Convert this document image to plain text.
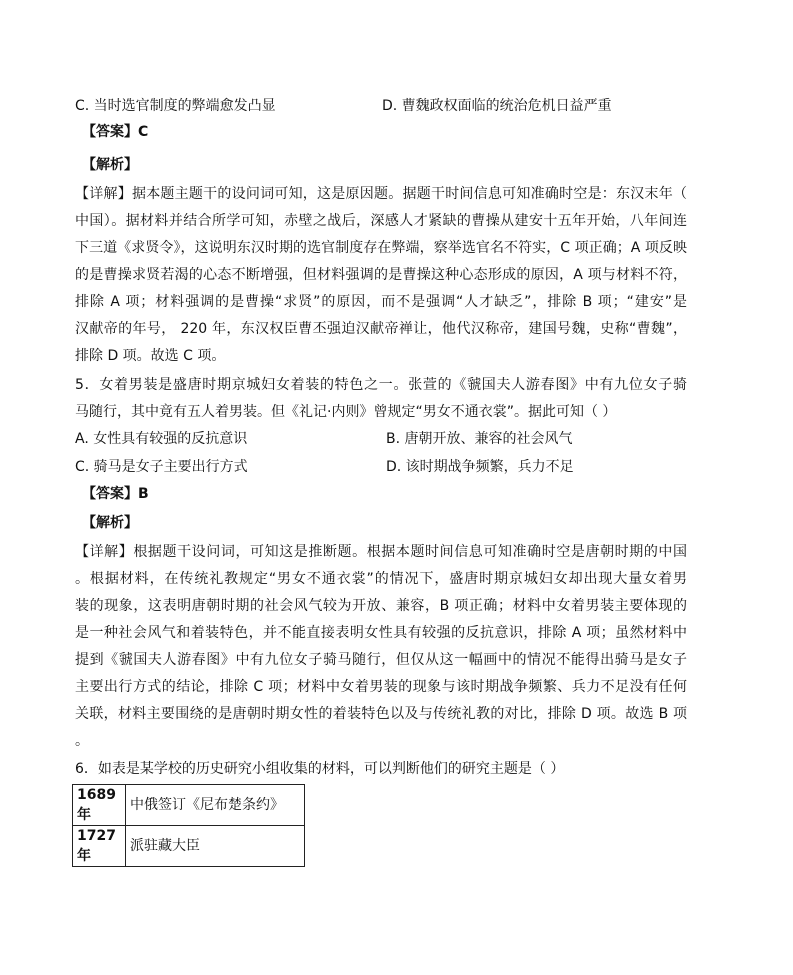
C. 当时选官制度的弊端愈发凸显	D. 曹魏政权面临的统治危机日益严重
【答案】C
【解析】
【详解】据本题主题干的设问词可知，这是原因题。据题干时间信息可知准确时空是：东汉末年（
中国）。据材料并结合所学可知，赤壁之战后，深感人才紧缺的曹操从建安十五年开始，八年间连
下三道《求贤令》，这说明东汉时期的选官制度存在弊端，察举选官名不符实，C 项正确；A 项反映
的是曹操求贤若渴的心态不断增强，但材料强调的是曹操这种心态形成的原因，A 项与材料不符，
排除 A 项；材料强调的是曹操“求贤”的原因，而不是强调“人才缺乏”，排除 B 项；“建安”是
汉献帝的年号， 220 年，东汉权臣曹丕强迫汉献帝禅让，他代汉称帝，建国号魏，史称“曹魏”，
排除 D 项。故选 C 项。
5．女着男装是盛唐时期京城妇女着装的特色之一。张萱的《虢国夫人游春图》中有九位女子骑
马随行，其中竟有五人着男装。但《礼记·内则》曾规定“男女不通衣裳”。据此可知（ ）
A. 女性具有较强的反抗意识	B. 唐朝开放、兼容的社会风气
C. 骑马是女子主要出行方式	D. 该时期战争频繁，兵力不足
【答案】B
【解析】
【详解】根据题干设问词，可知这是推断题。根据本题时间信息可知准确时空是唐朝时期的中国
。根据材料，在传统礼教规定“男女不通衣裳”的情况下，盛唐时期京城妇女却出现大量女着男
装的现象，这表明唐朝时期的社会风气较为开放、兼容，B 项正确；材料中女着男装主要体现的
是一种社会风气和着装特色，并不能直接表明女性具有较强的反抗意识，排除 A 项；虽然材料中
提到《虢国夫人游春图》中有九位女子骑马随行，但仅从这一幅画中的情况不能得出骑马是女子
主要出行方式的结论，排除 C 项；材料中女着男装的现象与该时期战争频繁、兵力不足没有任何
关联，材料主要围绕的是唐朝时期女性的着装特色以及与传统礼教的对比，排除 D 项。故选 B 项
。
6．如表是某学校的历史研究小组收集的材料，可以判断他们的研究主题是（ ）
1689 年	中俄签订《尼布楚条约》
1727 年	派驻藏大臣
